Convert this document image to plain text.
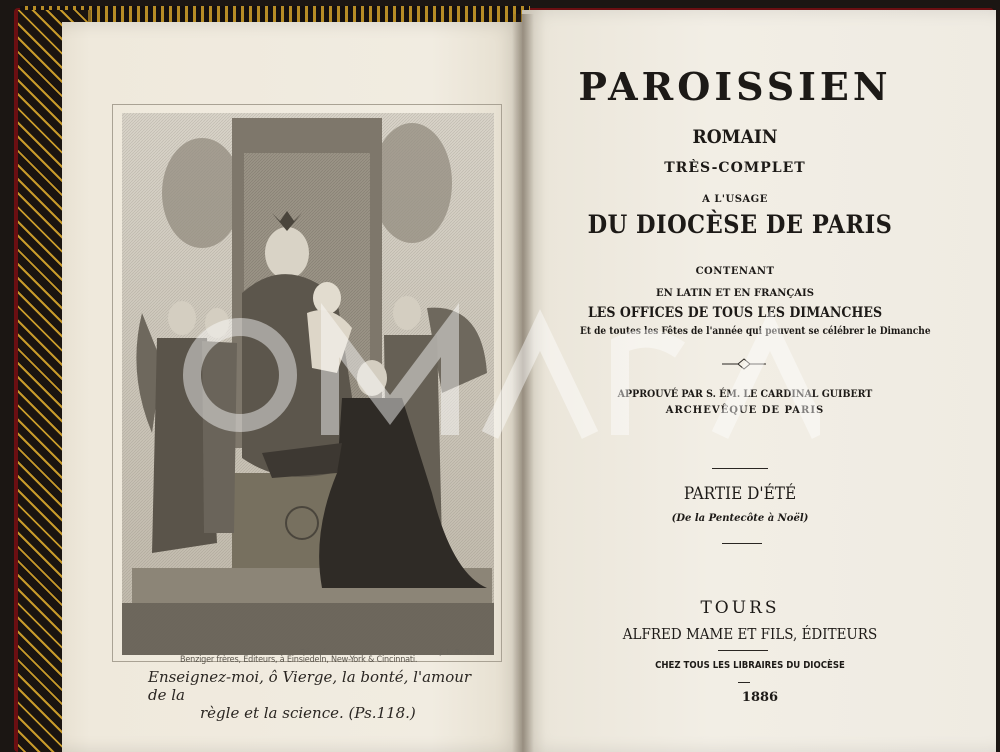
Déposé	J. L. Raab sc.
Benziger frères, Editeurs, à Einsiedeln, New-York & Cincinnati.
Enseignez-moi, ô Vierge, la bonté, l'amour de la
règle et la science. (Ps.118.)
PAROISSIEN
ROMAIN
TRÈS-COMPLET
A L'USAGE
DU DIOCÈSE DE PARIS
CONTENANT
EN LATIN ET EN FRANÇAIS
LES OFFICES DE TOUS LES DIMANCHES
Et de toutes les Fêtes de l'année qui peuvent se célébrer le Dimanche
APPROUVÉ PAR S. ÉM. LE CARDINAL GUIBERT
ARCHEVÊQUE DE PARIS
PARTIE D'ÉTÉ
(De la Pentecôte à Noël)
TOURS
ALFRED MAME ET FILS, ÉDITEURS
CHEZ TOUS LES LIBRAIRES DU DIOCÈSE
1886
